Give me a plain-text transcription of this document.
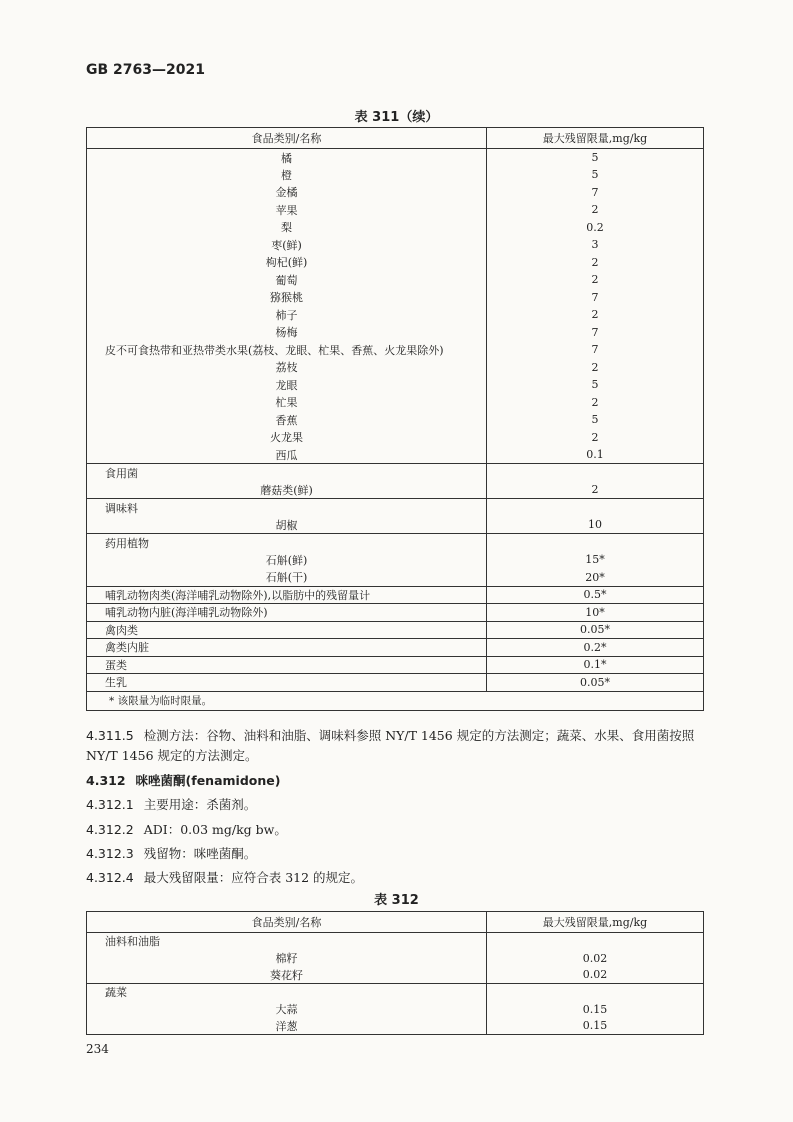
GB 2763—2021
表 311（续）
食品类别/名称	最大残留限量,mg/kg
橘	5
橙	5
金橘	7
苹果	2
梨	0.2
枣(鲜)	3
枸杞(鲜)	2
葡萄	2
猕猴桃	7
柿子	2
杨梅	7
皮不可食热带和亚热带类水果(荔枝、龙眼、杧果、香蕉、火龙果除外)	7
荔枝	2
龙眼	5
杧果	2
香蕉	5
火龙果	2
西瓜	0.1
食用菌	
蘑菇类(鲜)	2
调味料	
胡椒	10
药用植物	
石斛(鲜)	15*
石斛(干)	20*
哺乳动物肉类(海洋哺乳动物除外),以脂肪中的残留量计	0.5*
哺乳动物内脏(海洋哺乳动物除外)	10*
禽肉类	0.05*
禽类内脏	0.2*
蛋类	0.1*
生乳	0.05*
* 该限量为临时限量。	
4.311.5 检测方法：谷物、油料和油脂、调味料参照 NY/T 1456 规定的方法测定；蔬菜、水果、食用菌按照 NY/T 1456 规定的方法测定。
4.312 咪唑菌酮(fenamidone)
4.312.1 主要用途：杀菌剂。
4.312.2 ADI：0.03 mg/kg bw。
4.312.3 残留物：咪唑菌酮。
4.312.4 最大残留限量：应符合表 312 的规定。
表 312
食品类别/名称	最大残留限量,mg/kg
油料和油脂	
棉籽	0.02
葵花籽	0.02
蔬菜	
大蒜	0.15
洋葱	0.15
234
